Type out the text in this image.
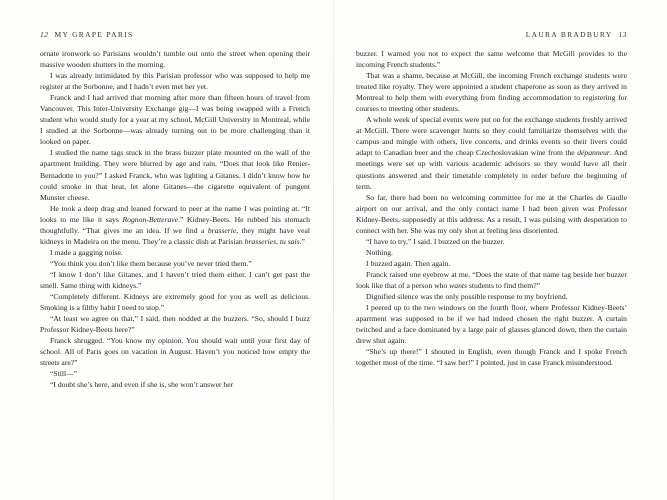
12 MY GRAPE PARIS

ornate ironwork so Parisians wouldn’t tumble out onto the street when opening their massive wooden shutters in the morning.

I was already intimidated by this Parisian professor who was supposed to help me register at the Sorbonne, and I hadn’t even met her yet.

Franck and I had arrived that morning after more than fifteen hours of travel from Vancouver. This Inter-University Exchange gig—I was being swapped with a French student who would study for a year at my school, McGill University in Montreal, while I studied at the Sorbonne—was already turning out to be more challenging than it looked on paper.

I studied the name tags stuck in the brass buzzer plate mounted on the wall of the apartment building. They were blurred by age and rain. “Does that look like Renier-Bernadotte to you?” I asked Franck, who was lighting a Gitanes. I didn’t know how he could smoke in that heat, let alone Gitanes—the cigarette equivalent of pungent Munster cheese.

He took a deep drag and leaned forward to peer at the name I was pointing at. “It looks to me like it says Rognon-Betterave.” Kidney-Beets. He rubbed his stomach thoughtfully. “That gives me an idea. If we find a brasserie, they might have veal kidneys in Madeira on the menu. They’re a classic dish at Parisian brasseries, tu sais.”

I made a gagging noise.

“You think you don’t like them because you’ve never tried them.”

“I know I don’t like Gitanes, and I haven’t tried them either. I can’t get past the smell. Same thing with kidneys.”

“Completely different. Kidneys are extremely good for you as well as delicious. Smoking is a filthy habit I need to stop.”

“At least we agree on that,” I said, then nodded at the buzzers. “So, should I buzz Professor Kidney-Beets here?”

Franck shrugged. “You know my opinion. You should wait until your first day of school. All of Paris goes on vacation in August. Haven’t you noticed how empty the streets are?”

“Still—”

“I doubt she’s here, and even if she is, she won’t answer her

LAURA BRADBURY 13

buzzer. I warned you not to expect the same welcome that McGill provides to the incoming French students.”

That was a shame, because at McGill, the incoming French exchange students were treated like royalty. They were appointed a student chaperone as soon as they arrived in Montreal to help them with everything from finding accommodation to registering for courses to meeting other students.

A whole week of special events were put on for the exchange students freshly arrived at McGill. There were scavenger hunts so they could familiarize themselves with the campus and mingle with others, live concerts, and drinks events so their livers could adapt to Canadian beer and the cheap Czechoslovakian wine from the dépanneur. And meetings were set up with various academic advisors so they would have all their questions answered and their timetable completely in order before the beginning of term.

So far, there had been no welcoming committee for me at the Charles de Gaulle airport on our arrival, and the only contact name I had been given was Professor Kidney-Beets, supposedly at this address. As a result, I was pulsing with desperation to connect with her. She was my only shot at feeling less disoriented.

“I have to try,” I said. I buzzed on the buzzer.

Nothing.

I buzzed again. Then again.

Franck raised one eyebrow at me. “Does the state of that name tag beside her buzzer look like that of a person who wants students to find them?”

Dignified silence was the only possible response to my boyfriend.

I peered up to the two windows on the fourth floor, where Professor Kidney-Beets’ apartment was supposed to be if we had indeed chosen the right buzzer. A curtain twitched and a face dominated by a large pair of glasses glanced down, then the curtain drew shut again.

“She’s up there!” I shouted in English, even though Franck and I spoke French together most of the time. “I saw her!” I pointed, just in case Franck misunderstood.
